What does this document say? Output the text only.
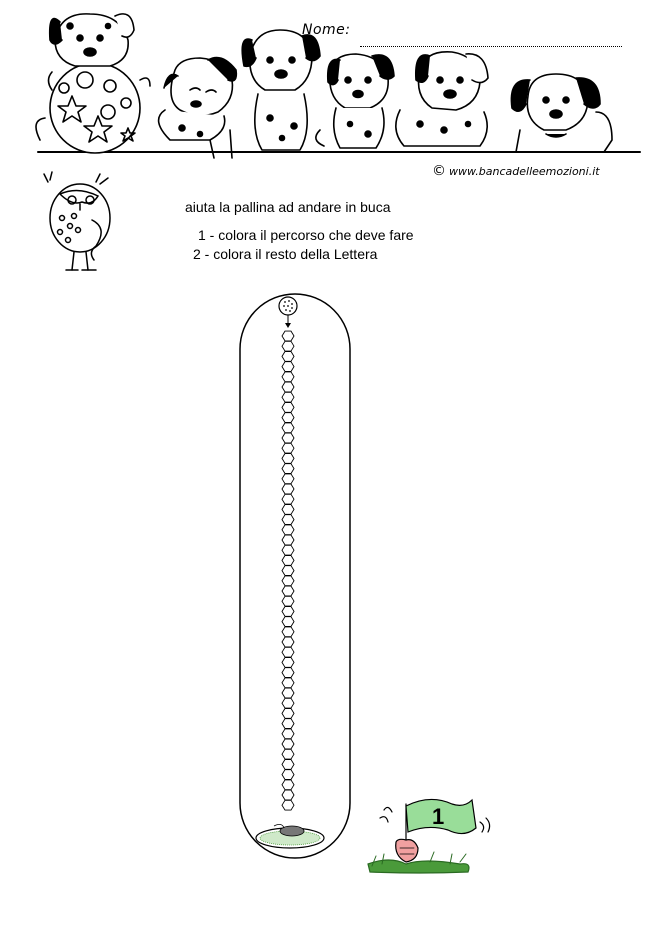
Nome:
© www.bancadelleemozioni.it
aiuta la pallina ad andare in buca
1 - colora il percorso che deve fare
2 - colora il resto della Lettera
1
